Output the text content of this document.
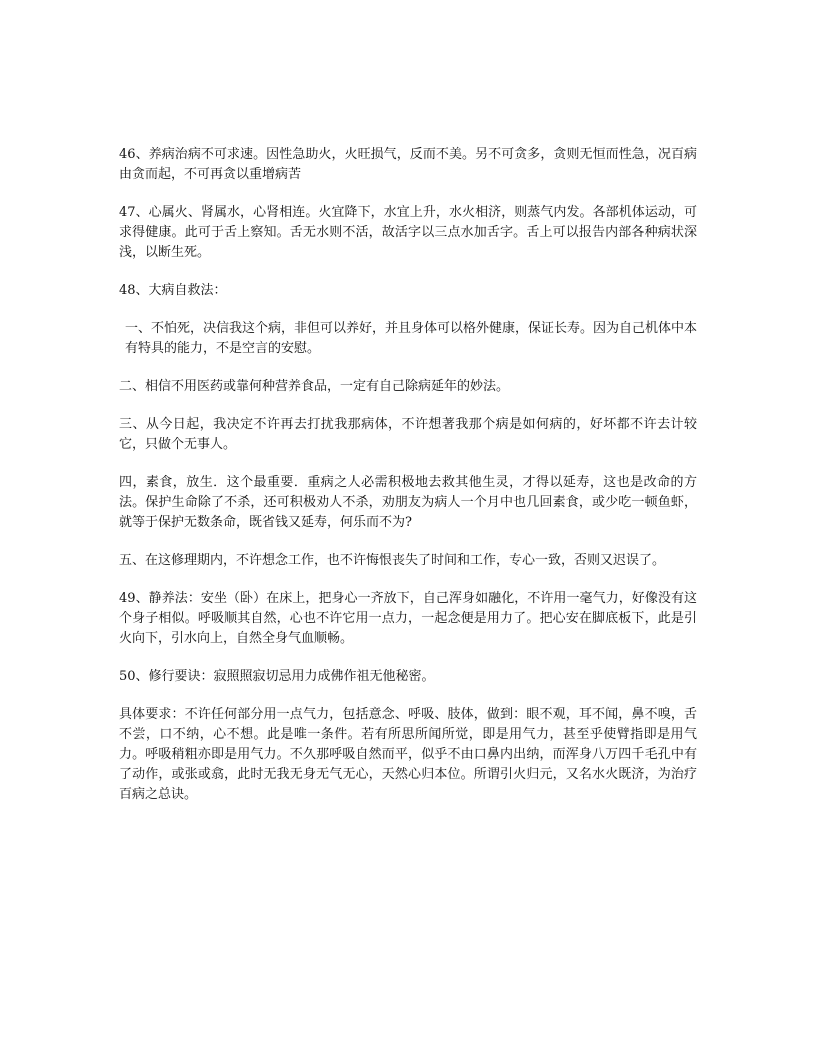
46、养病治病不可求速。因性急助火，火旺损气，反而不美。另不可贪多，贪则无恒而性急，况百病由贪而起，不可再贪以重增病苦

47、心属火、肾属水，心肾相连。火宜降下，水宜上升，水火相济，则蒸气内发。各部机体运动，可求得健康。此可于舌上察知。舌无水则不活，故活字以三点水加舌字。舌上可以报告内部各种病状深浅，以断生死。

48、大病自救法：

一、不怕死，决信我这个病，非但可以养好，并且身体可以格外健康，保证长寿。因为自己机体中本有特具的能力，不是空言的安慰。

二、相信不用医药或靠何种营养食品，一定有自己除病延年的妙法。

三、从今日起，我决定不许再去打扰我那病体，不许想著我那个病是如何病的，好坏都不许去计较它，只做个无事人。

四，素食，放生．这个最重要．重病之人必需积极地去救其他生灵，才得以延寿，这也是改命的方法。保护生命除了不杀，还可积极劝人不杀，劝朋友为病人一个月中也几回素食，或少吃一顿鱼虾，就等于保护无数条命，既省钱又延寿，何乐而不为?

五、在这修理期内，不许想念工作，也不许悔恨丧失了时间和工作，专心一致，否则又迟误了。

49、静养法：安坐（卧）在床上，把身心一齐放下，自己浑身如融化，不许用一毫气力，好像没有这个身子相似。呼吸顺其自然，心也不许它用一点力，一起念便是用力了。把心安在脚底板下，此是引火向下，引水向上，自然全身气血顺畅。

50、修行要诀：寂照照寂切忌用力成佛作祖无他秘密。

具体要求：不许任何部分用一点气力，包括意念、呼吸、肢体，做到：眼不观，耳不闻，鼻不嗅，舌不尝，口不纳，心不想。此是唯一条件。若有所思所闻所觉，即是用气力，甚至乎使臂指即是用气力。呼吸稍粗亦即是用气力。不久那呼吸自然而平，似乎不由口鼻内出纳，而浑身八万四千毛孔中有了动作，或张或翕，此时无我无身无气无心，天然心归本位。所谓引火归元，又名水火既济，为治疗百病之总诀。
